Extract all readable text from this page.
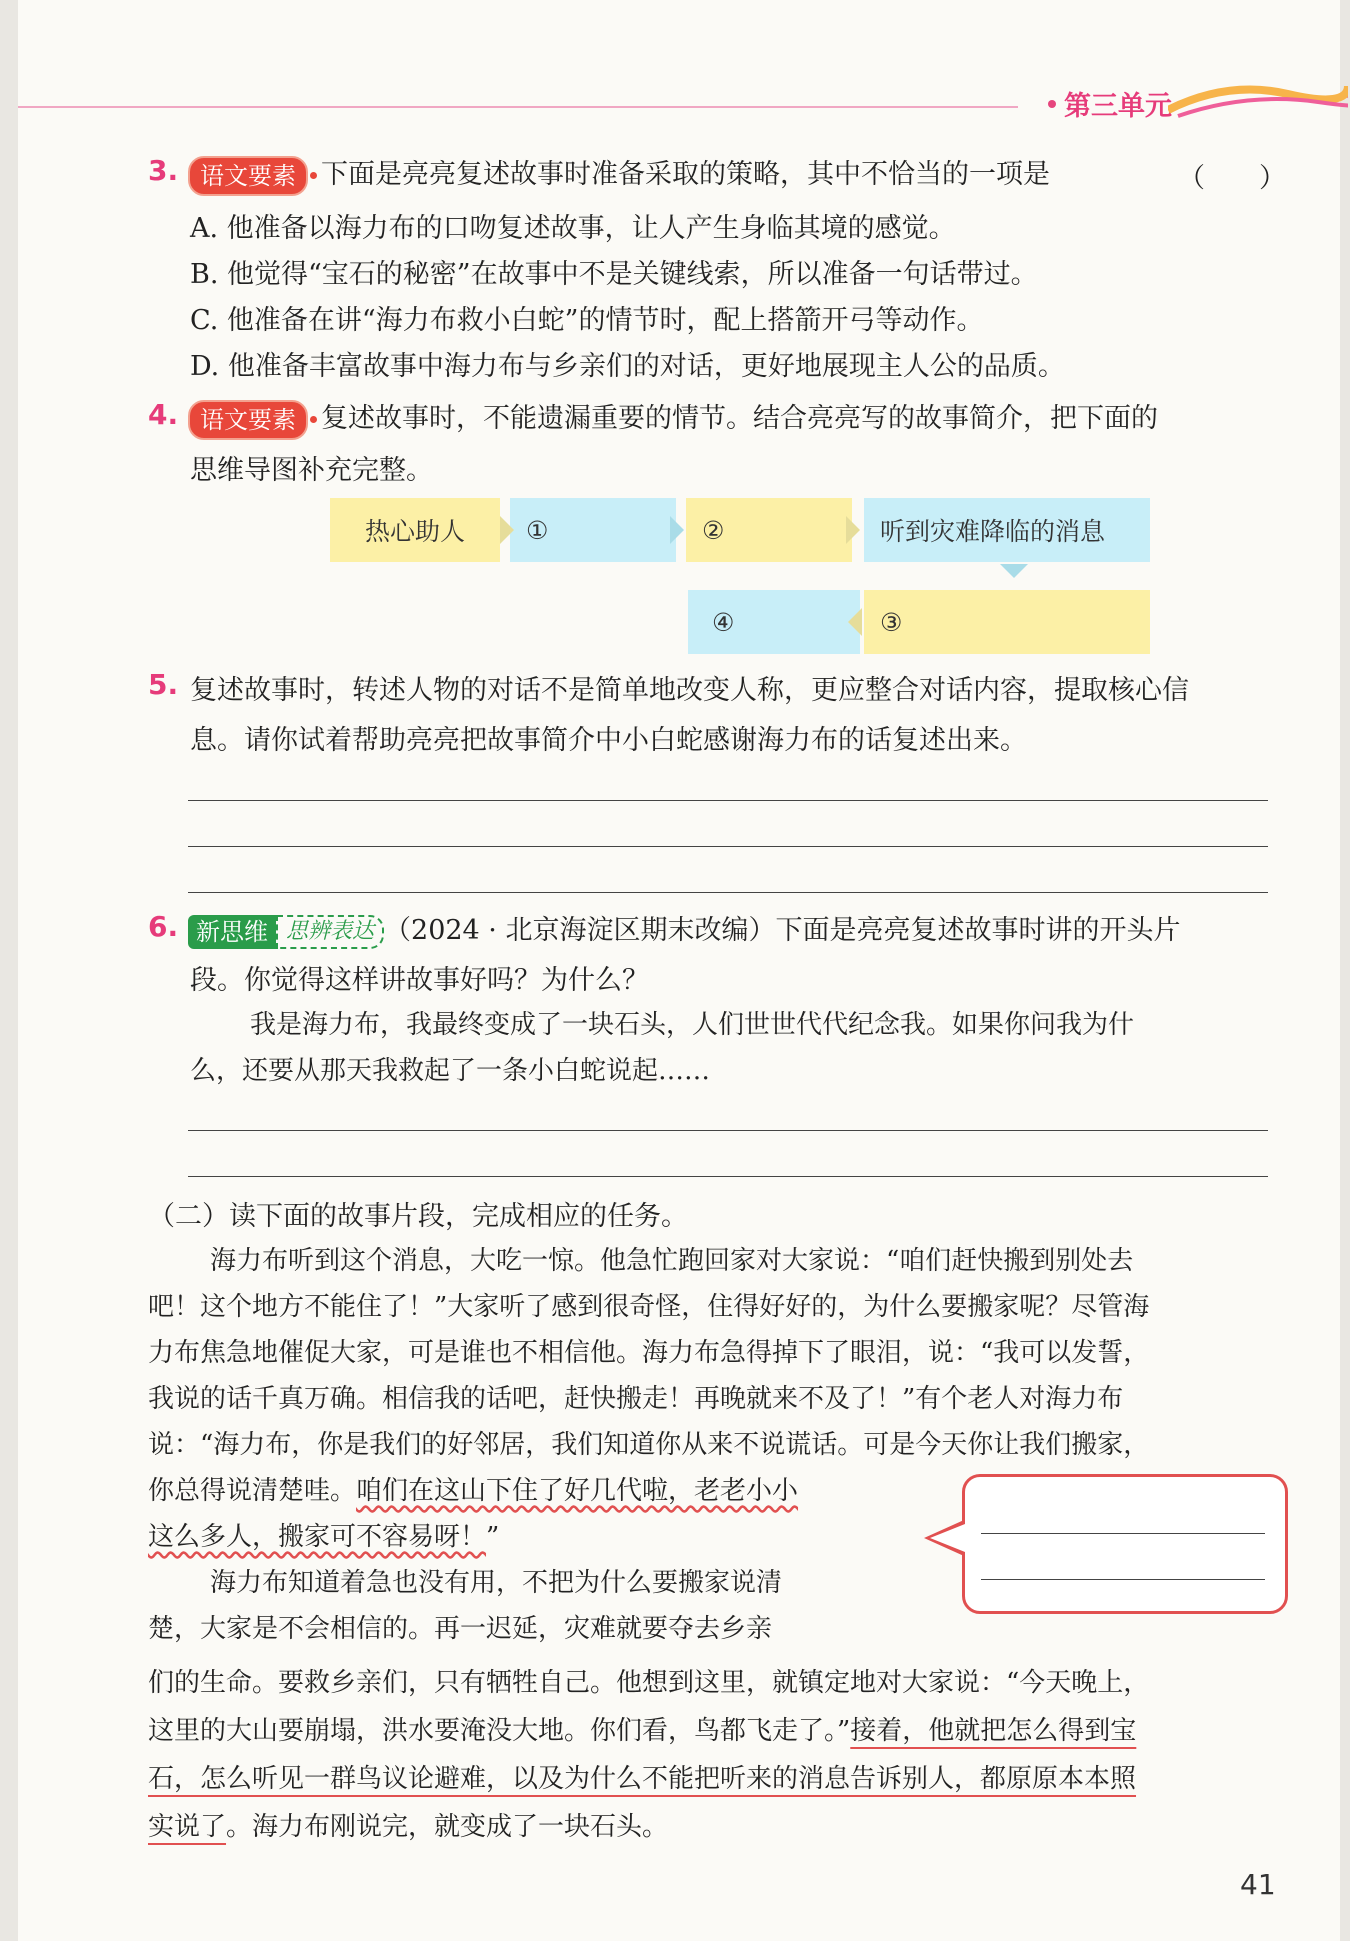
第三单元
3. 语文要素 下面是亮亮复述故事时准备采取的策略，其中不恰当的一项是	（　　）
A. 他准备以海力布的口吻复述故事，让人产生身临其境的感觉。
B. 他觉得“宝石的秘密”在故事中不是关键线索，所以准备一句话带过。
C. 他准备在讲“海力布救小白蛇”的情节时，配上搭箭开弓等动作。
D. 他准备丰富故事中海力布与乡亲们的对话，更好地展现主人公的品质。
4. 语文要素 复述故事时，不能遗漏重要的情节。结合亮亮写的故事简介，把下面的
思维导图补充完整。
热心助人	①	②	听到灾难降临的消息
④	③
5. 复述故事时，转述人物的对话不是简单地改变人称，更应整合对话内容，提取核心信
息。请你试着帮助亮亮把故事简介中小白蛇感谢海力布的话复述出来。
6. 新思维 思辨表达 （2024 · 北京海淀区期末改编）下面是亮亮复述故事时讲的开头片
段。你觉得这样讲故事好吗？为什么？
我是海力布，我最终变成了一块石头，人们世世代代纪念我。如果你问我为什
么，还要从那天我救起了一条小白蛇说起……
（二）读下面的故事片段，完成相应的任务。
海力布听到这个消息，大吃一惊。他急忙跑回家对大家说：“咱们赶快搬到别处去
吧！这个地方不能住了！”大家听了感到很奇怪，住得好好的，为什么要搬家呢？尽管海
力布焦急地催促大家，可是谁也不相信他。海力布急得掉下了眼泪，说：“我可以发誓，
我说的话千真万确。相信我的话吧，赶快搬走！再晚就来不及了！”有个老人对海力布
说：“海力布，你是我们的好邻居，我们知道你从来不说谎话。可是今天你让我们搬家，
你总得说清楚哇。咱们在这山下住了好几代啦，老老小小
这么多人，搬家可不容易呀！”
海力布知道着急也没有用，不把为什么要搬家说清
楚，大家是不会相信的。再一迟延，灾难就要夺去乡亲
们的生命。要救乡亲们，只有牺牲自己。他想到这里，就镇定地对大家说：“今天晚上，
这里的大山要崩塌，洪水要淹没大地。你们看，鸟都飞走了。”接着，他就把怎么得到宝
石，怎么听见一群鸟议论避难，以及为什么不能把听来的消息告诉别人，都原原本本照
实说了。海力布刚说完，就变成了一块石头。
41
